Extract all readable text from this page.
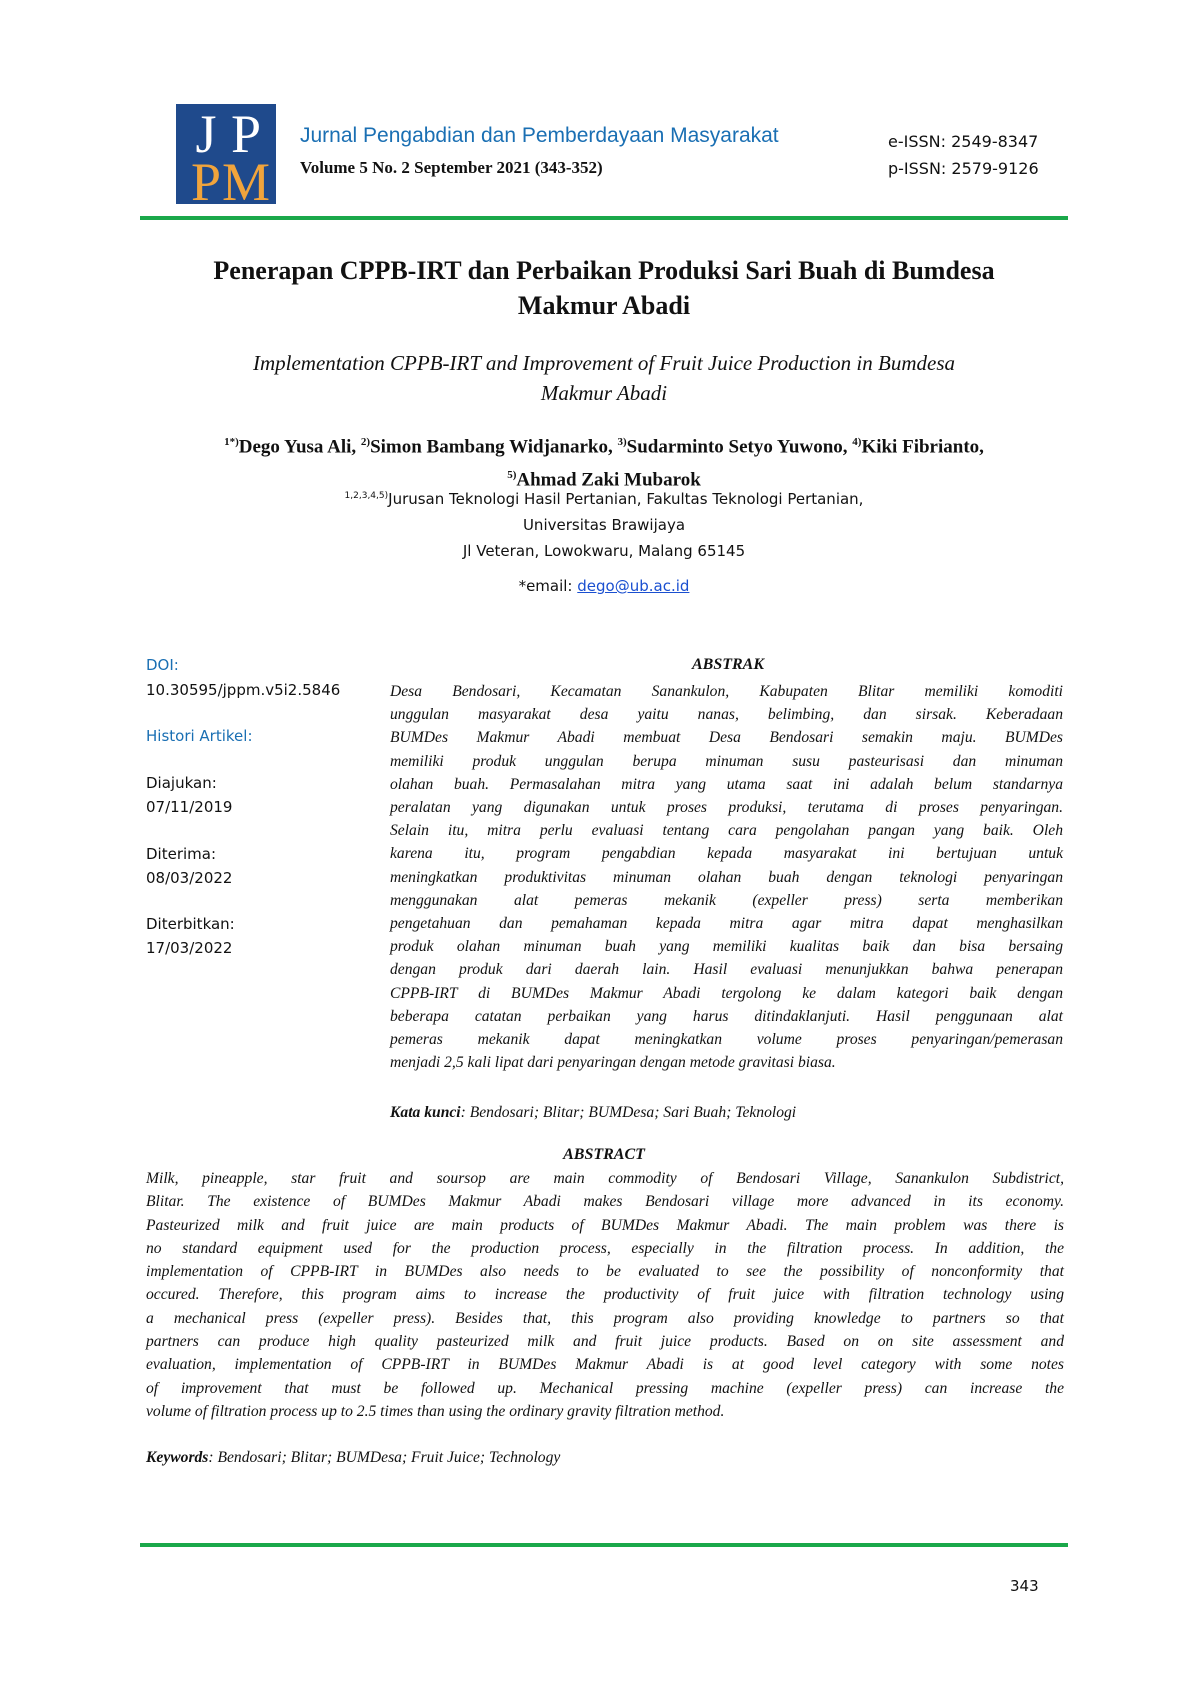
J P
P M
Jurnal Pengabdian dan Pemberdayaan Masyarakat
Volume 5 No. 2 September 2021 (343-352)
e-ISSN: 2549-8347
p-ISSN: 2579-9126
Penerapan CPPB-IRT dan Perbaikan Produksi Sari Buah di Bumdesa
Makmur Abadi
Implementation CPPB-IRT and Improvement of Fruit Juice Production in Bumdesa
Makmur Abadi
$^{1*)}$Dego Yusa Ali, $^{2)}$Simon Bambang Widjanarko, $^{3)}$Sudarminto Setyo Yuwono, $^{4)}$Kiki Fibrianto,
$^{5)}$Ahmad Zaki Mubarok
$^{1,2,3,4,5)}$Jurusan Teknologi Hasil Pertanian, Fakultas Teknologi Pertanian,
Universitas Brawijaya
Jl Veteran, Lowokwaru, Malang 65145
*email: dego@ub.ac.id
DOI:
10.30595/jppm.v5i2.5846
Histori Artikel:
Diajukan:
07/11/2019
Diterima:
08/03/2022
Diterbitkan:
17/03/2022
ABSTRAK
Desa Bendosari, Kecamatan Sanankulon, Kabupaten Blitar memiliki komoditi
unggulan masyarakat desa yaitu nanas, belimbing, dan sirsak. Keberadaan
BUMDes Makmur Abadi membuat Desa Bendosari semakin maju. BUMDes
memiliki produk unggulan berupa minuman susu pasteurisasi dan minuman
olahan buah. Permasalahan mitra yang utama saat ini adalah belum standarnya
peralatan yang digunakan untuk proses produksi, terutama di proses penyaringan.
Selain itu, mitra perlu evaluasi tentang cara pengolahan pangan yang baik. Oleh
karena itu, program pengabdian kepada masyarakat ini bertujuan untuk
meningkatkan produktivitas minuman olahan buah dengan teknologi penyaringan
menggunakan alat pemeras mekanik (expeller press) serta memberikan
pengetahuan dan pemahaman kepada mitra agar mitra dapat menghasilkan
produk olahan minuman buah yang memiliki kualitas baik dan bisa bersaing
dengan produk dari daerah lain. Hasil evaluasi menunjukkan bahwa penerapan
CPPB-IRT di BUMDes Makmur Abadi tergolong ke dalam kategori baik dengan
beberapa catatan perbaikan yang harus ditindaklanjuti. Hasil penggunaan alat
pemeras mekanik dapat meningkatkan volume proses penyaringan/pemerasan
menjadi 2,5 kali lipat dari penyaringan dengan metode gravitasi biasa.
Kata kunci: Bendosari; Blitar; BUMDesa; Sari Buah; Teknologi
ABSTRACT
Milk, pineapple, star fruit and soursop are main commodity of Bendosari Village, Sanankulon Subdistrict,
Blitar. The existence of BUMDes Makmur Abadi makes Bendosari village more advanced in its economy.
Pasteurized milk and fruit juice are main products of BUMDes Makmur Abadi. The main problem was there is
no standard equipment used for the production process, especially in the filtration process. In addition, the
implementation of CPPB-IRT in BUMDes also needs to be evaluated to see the possibility of nonconformity that
occured. Therefore, this program aims to increase the productivity of fruit juice with filtration technology using
a mechanical press (expeller press). Besides that, this program also providing knowledge to partners so that
partners can produce high quality pasteurized milk and fruit juice products. Based on on site assessment and
evaluation, implementation of CPPB-IRT in BUMDes Makmur Abadi is at good level category with some notes
of improvement that must be followed up. Mechanical pressing machine (expeller press) can increase the
volume of filtration process up to 2.5 times than using the ordinary gravity filtration method.
Keywords: Bendosari; Blitar; BUMDesa; Fruit Juice; Technology
343
